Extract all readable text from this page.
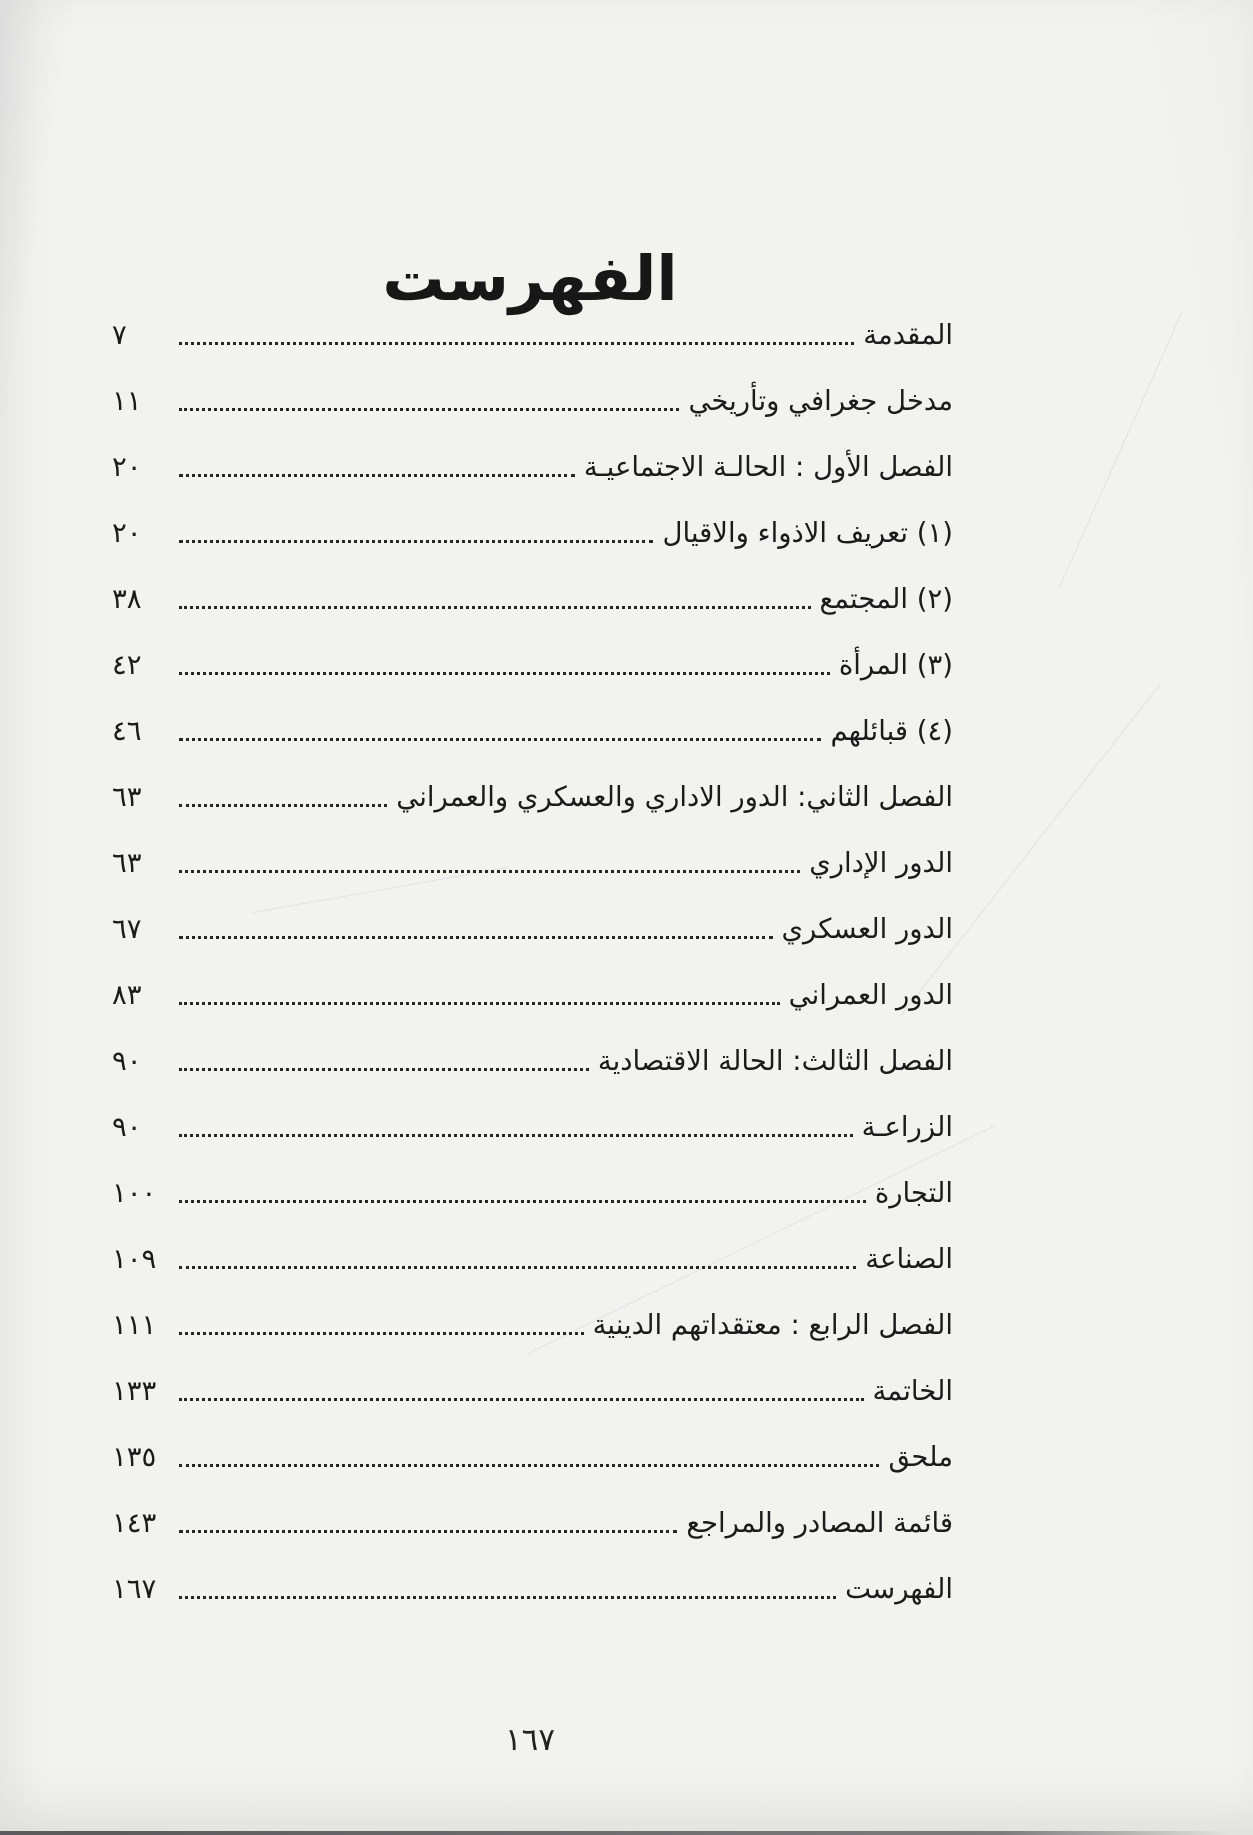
الفهرست
المقدمة
٧
مدخل جغرافي وتأريخي
١١
الفصل الأول : الحالـة الاجتماعيـة
٢٠
(١) تعريف الاذواء والاقيال
٢٠
(٢) المجتمع
٣٨
(٣) المرأة
٤٢
(٤) قبائلهم
٤٦
الفصل الثاني: الدور الاداري والعسكري والعمراني
٦٣
الدور الإداري
٦٣
الدور العسكري
٦٧
الدور العمراني
٨٣
الفصل الثالث: الحالة الاقتصادية
٩٠
الزراعـة
٩٠
التجارة
١٠٠
الصناعة
١٠٩
الفصل الرابع : معتقداتهم الدينية
١١١
الخاتمة
١٣٣
ملحق
١٣٥
قائمة المصادر والمراجع
١٤٣
الفهرست
١٦٧
١٦٧
